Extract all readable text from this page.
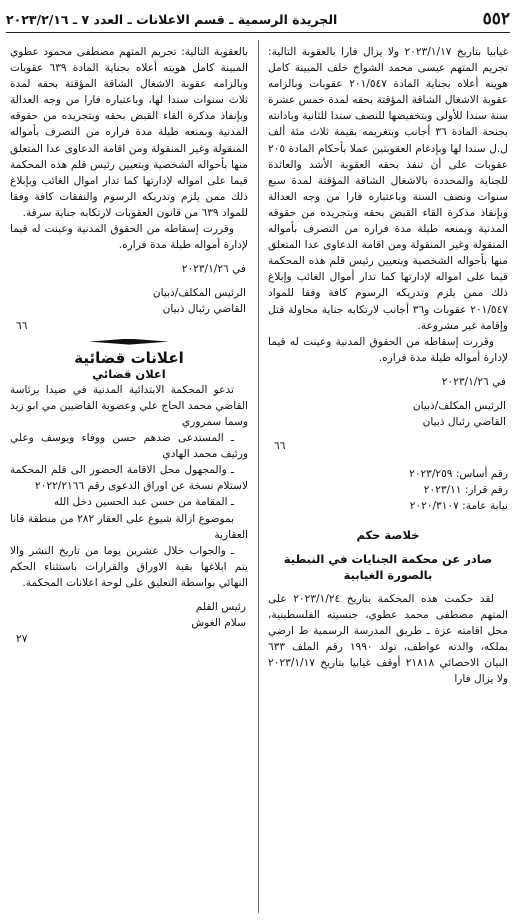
٥٥٢
الجريدة الرسمية ـ قسم الاعلانات ـ العدد ٧ ـ ٢٠٢٣/٢/١٦

غيابيا بتاريخ ٢٠٢٣/١/١٧ ولا يزال فارا بالعقوبة التالية: تجريم المتهم عيسى محمد الشواخ خلف المبينة كامل هويته أعلاه بجناية المادة ٢٠١/٥٤٧ عقوبات وبالزامه عقوبة الاشغال الشاقة المؤقتة بحقه لمدة خمس عشرة سنة سندا للأولى وبتخفيضها للنصف سندا للثانية وبادانته بجنحة المادة ٣٦ أجانب وبتغريمه بقيمة ثلاث مئة ألف ل.ل سندا لها وبإدغام العقوبتين عملا بأحكام المادة ٢٠٥ عقوبات على أن تنفذ بحقه العقوبة الأشد والعائدة للجناية والمحددة بالاشغال الشاقة المؤقتة لمدة سبع سنوات ونصف السنة وباعتباره فارا من وجه العدالة وبإنفاذ مذكرة القاء القبض بحقه وبتجريده من حقوقه المدنية وبمنعه طيلة مدة فراره من التصرف بأمواله المنقولة وغير المنقولة ومن اقامة الدعاوى عدا المتعلق منها بأحواله الشخصية وبتعيين رئيس قلم هذه المحكمة قيما على امواله لإدارتها كما تدار أموال الغائب وإبلاغ ذلك ممن يلزم وتدريكه الرسوم كافة وفقا للمواد ٢٠١/٥٤٧ عقوبات و٣٦ أجانب لارتكابه جناية محاولة قتل وإقامة غير مشروعة.

وقررت إسقاطه من الحقوق المدنية وعينت له قيما لإدارة أمواله طيلة مدة فراره.

في ٢٠٢٣/١/٢٦

الرئيس المكلف/ذبيان

القاضي رئبال ذبيان

٦٦

رقم أساس: ٢٠٢٣/٢٥٩

رقم قرار: ٢٠٢٣/١١

نيابة عامة: ٢٠٢٠/٣١٠٧

خلاصة حكم

صادر عن محكمة الجنايات في النبطية

بالصورة الغيابية

لقد حكمت هذه المحكمة بتاريخ ٢٠٢٣/١/٢٤ على المتهم مصطفى محمد عطوي، جنسيته الفلسطينية، محل اقامته عزة ـ طريق المدرسة الرسمية ط ارضي بملكه، والدته عواطف، تولد ١٩٩٠ رقم الملف ٦٣٣ البيان الاحصائي ٢١٨١٨ أوقف غيابيا بتاريخ ٢٠٢٣/١/١٧ ولا يزال فارا

بالعقوبة التالية: تجريم المتهم مصطفى محمود عطوي المبينة كامل هويته أعلاه بجناية المادة ٦٣٩ عقوبات وبالزامه عقوبة الاشغال الشاقة المؤقتة بحقه لمدة ثلاث سنوات سندا لها، وباعتباره فارا من وجه العدالة وبإنفاذ مذكرة القاء القبض بحقه وبتجريده من حقوقه المدنية وبمنعه طيلة مدة فراره من التصرف بأمواله المنقولة وغير المنقولة ومن اقامة الدعاوى عدا المتعلق منها بأحواله الشخصية وبتعيين رئيس قلم هذه المحكمة قيما على امواله لإدارتها كما تدار اموال الغائب وبإبلاغ ذلك ممن يلزم وتدريكه الرسوم والنفقات كافة وفقا للمواد ٦٣٩ من قانون العقوبات لارتكابه جناية سرقة.

وقررت إسقاطه من الحقوق المدنية وعينت له قيما لإدارة أمواله طيلة مدة فراره.

في ٢٠٢٣/١/٢٦

الرئيس المكلف/ذبيان

القاضي رئبال ذبيان

٦٦

اعلانات قضائية

اعلان قضائي

تدعو المحكمة الابتدائية المدنية في صيدا برئاسة القاضي محمد الحاج علي وعضوية القاضيين مي ابو زيد وسما سمروري

ـ المستدعى ضدهم حسن ووفاء ويوسف وعلي ورئيف محمد الهادي

ـ والمجهول محل الاقامة الحضور الى قلم المحكمة لاستلام نسخة عن اوراق الدعوى رقم ٢٠٢٢/٢١٦٦

ـ المقامة من حسن عبد الحسين دخل الله

بموضوع ازالة شيوع على العقار ٢٨٢ من منطقة قانا العقارية

ـ والجواب خلال عشرين يوما من تاريخ النشر والا يتم ابلاغها بقية الاوراق والقرارات باستثناء الحكم النهائي بواسطة التعليق على لوحة اعلانات المحكمة.

رئيس القلم

سلام الغوش

٢٧
